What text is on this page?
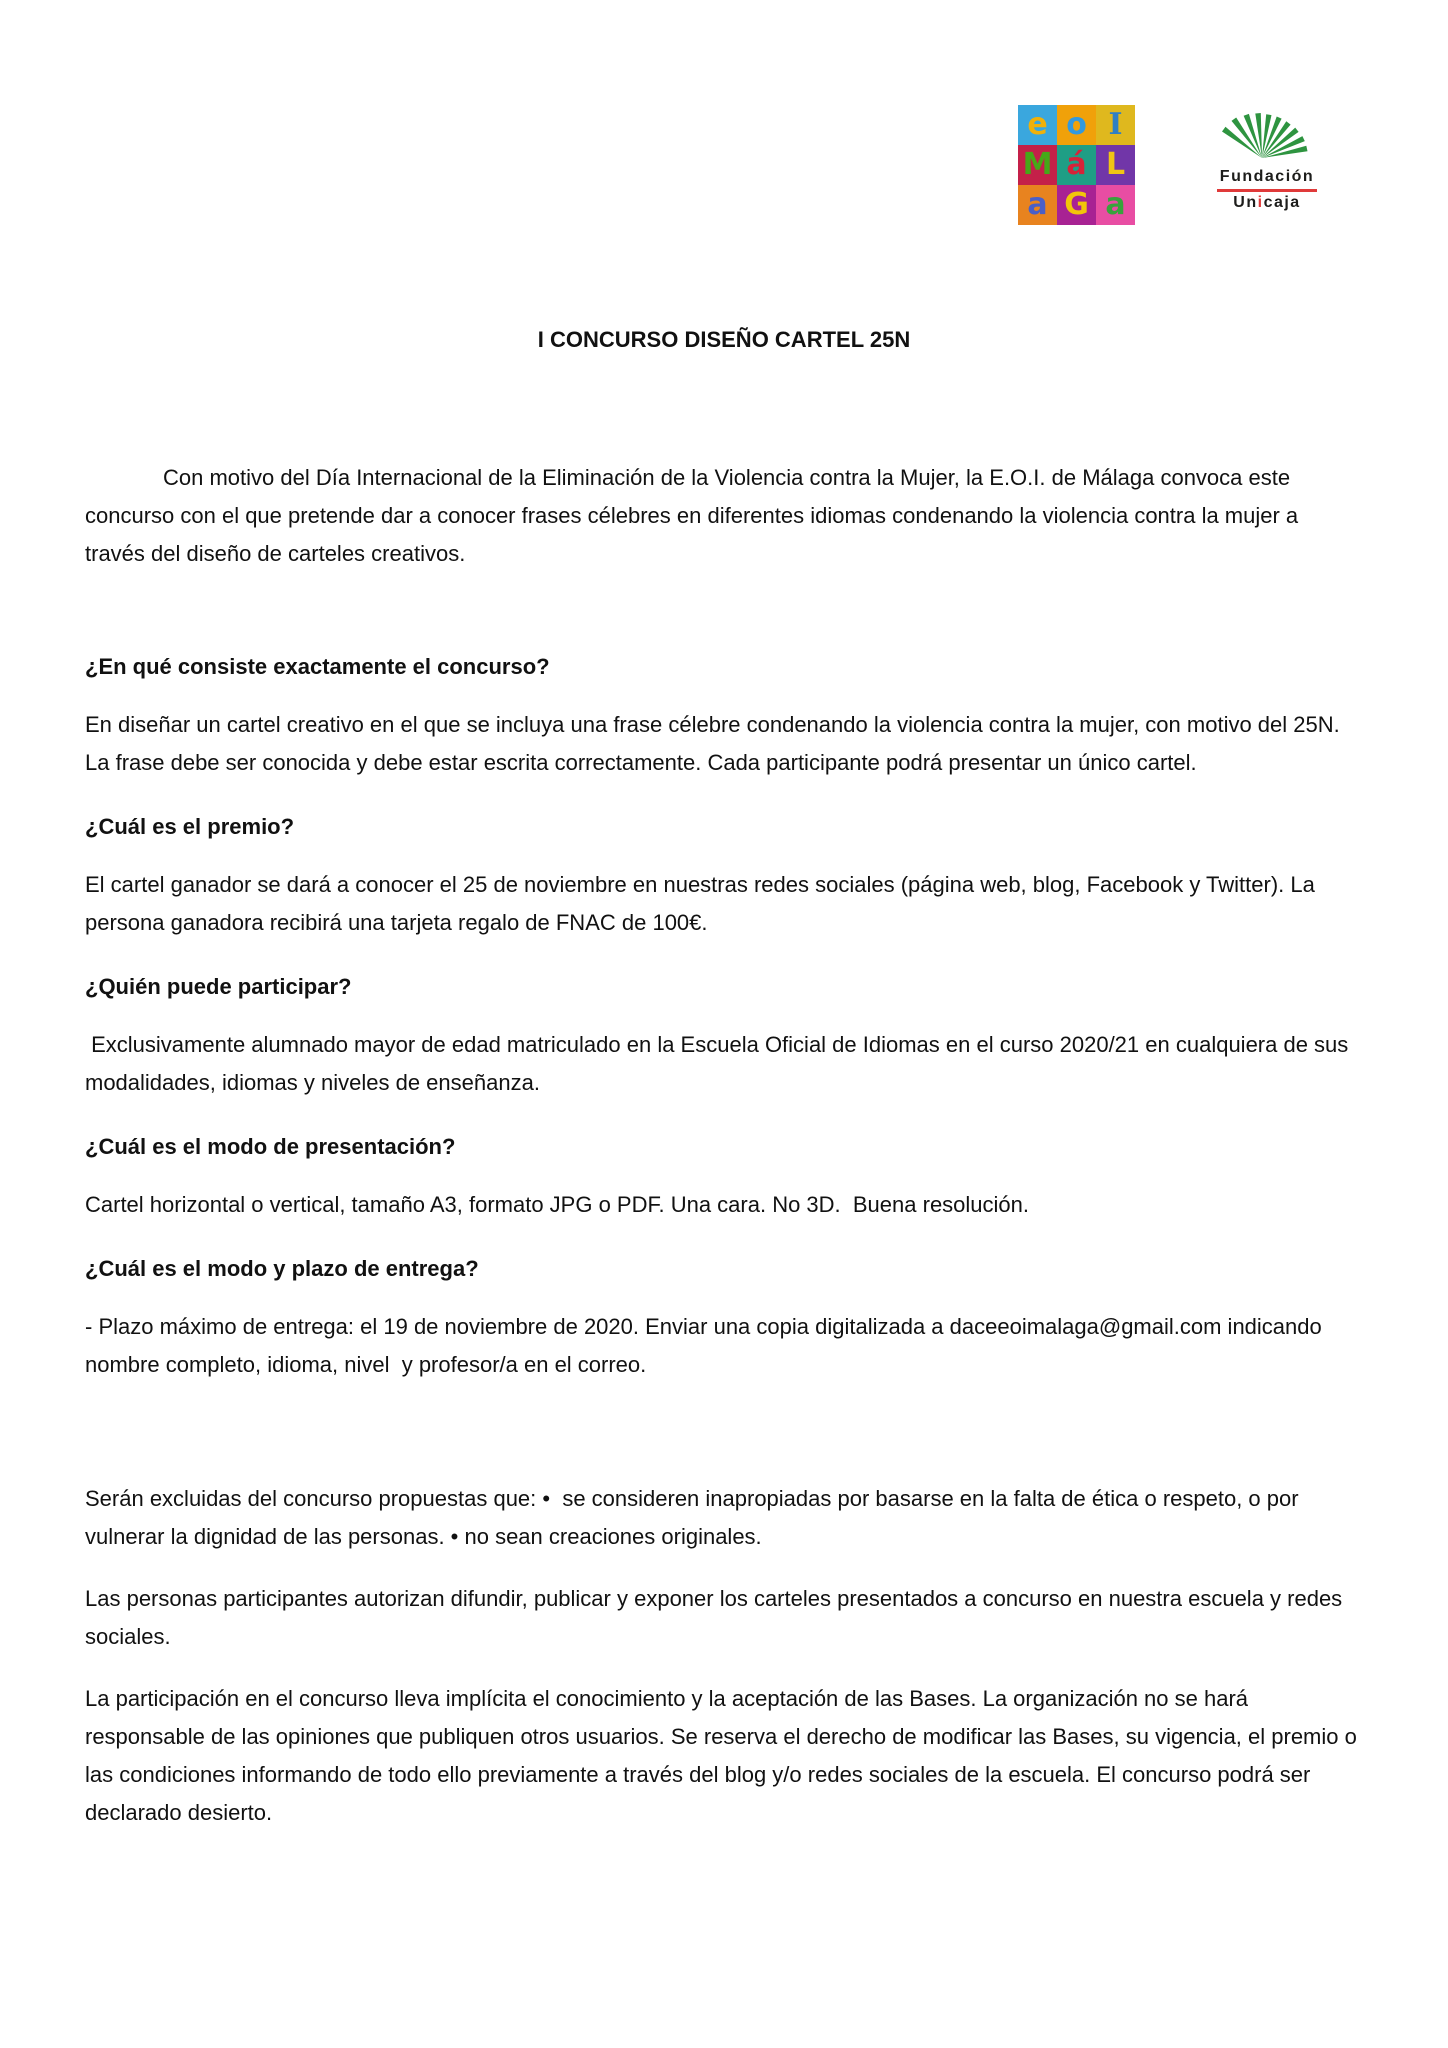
e o I
M á L
a G a
Fundación
Unicaja
I CONCURSO DISEÑO CARTEL 25N

Con motivo del Día Internacional de la Eliminación de la Violencia contra la Mujer, la E.O.I. de Málaga convoca este concurso con el que pretende dar a conocer frases célebres en diferentes idiomas condenando la violencia contra la mujer a través del diseño de carteles creativos.

¿En qué consiste exactamente el concurso?

En diseñar un cartel creativo en el que se incluya una frase célebre condenando la violencia contra la mujer, con motivo del 25N. La frase debe ser conocida y debe estar escrita correctamente. Cada participante podrá presentar un único cartel.

¿Cuál es el premio?

El cartel ganador se dará a conocer el 25 de noviembre en nuestras redes sociales (página web, blog, Facebook y Twitter). La persona ganadora recibirá una tarjeta regalo de FNAC de 100€.

¿Quién puede participar?

Exclusivamente alumnado mayor de edad matriculado en la Escuela Oficial de Idiomas en el curso 2020/21 en cualquiera de sus modalidades, idiomas y niveles de enseñanza.

¿Cuál es el modo de presentación?

Cartel horizontal o vertical, tamaño A3, formato JPG o PDF. Una cara. No 3D.  Buena resolución.

¿Cuál es el modo y plazo de entrega?

- Plazo máximo de entrega: el 19 de noviembre de 2020. Enviar una copia digitalizada a daceeoimalaga@gmail.com indicando nombre completo, idioma, nivel  y profesor/a en el correo.

Serán excluidas del concurso propuestas que: •  se consideren inapropiadas por basarse en la falta de ética o respeto, o por vulnerar la dignidad de las personas. • no sean creaciones originales.

Las personas participantes autorizan difundir, publicar y exponer los carteles presentados a concurso en nuestra escuela y redes sociales.

La participación en el concurso lleva implícita el conocimiento y la aceptación de las Bases. La organización no se hará responsable de las opiniones que publiquen otros usuarios. Se reserva el derecho de modificar las Bases, su vigencia, el premio o las condiciones informando de todo ello previamente a través del blog y/o redes sociales de la escuela. El concurso podrá ser declarado desierto.
